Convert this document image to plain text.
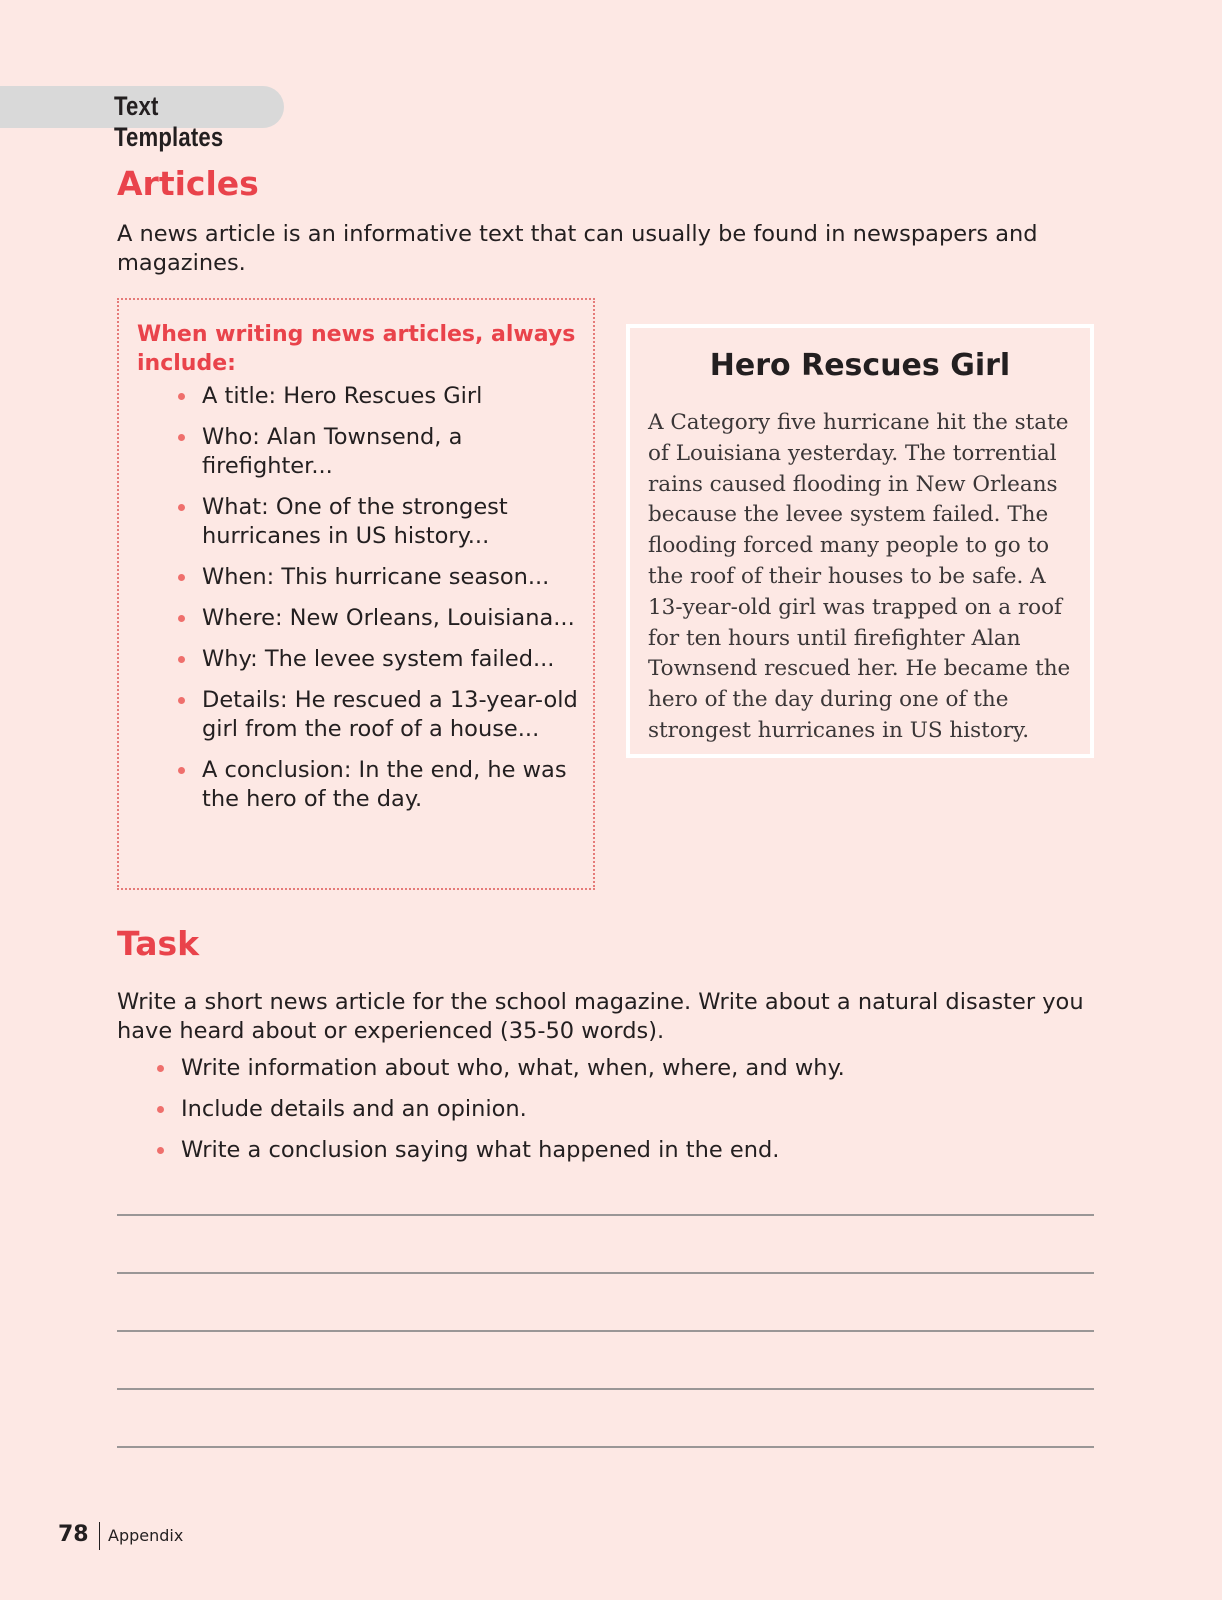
Text Templates
Articles

A news article is an informative text that can usually be found in newspapers and magazines.

When writing news articles, always include:

A title: Hero Rescues Girl
Who: Alan Townsend, a firefighter...
What: One of the strongest hurricanes in US history...
When: This hurricane season...
Where: New Orleans, Louisiana...
Why: The levee system failed...
Details: He rescued a 13-year-old girl from the roof of a house...
A conclusion: In the end, he was the hero of the day.
Hero Rescues Girl

A Category five hurricane hit the state of Louisiana yesterday. The torrential rains caused flooding in New Orleans because the levee system failed. The flooding forced many people to go to the roof of their houses to be safe. A 13-year-old girl was trapped on a roof for ten hours until firefighter Alan Townsend rescued her. He became the hero of the day during one of the strongest hurricanes in US history.

Task

Write a short news article for the school magazine. Write about a natural disaster you have heard about or experienced (35-50 words).

Write information about who, what, when, where, and why.
Include details and an opinion.
Write a conclusion saying what happened in the end.
78 Appendix
